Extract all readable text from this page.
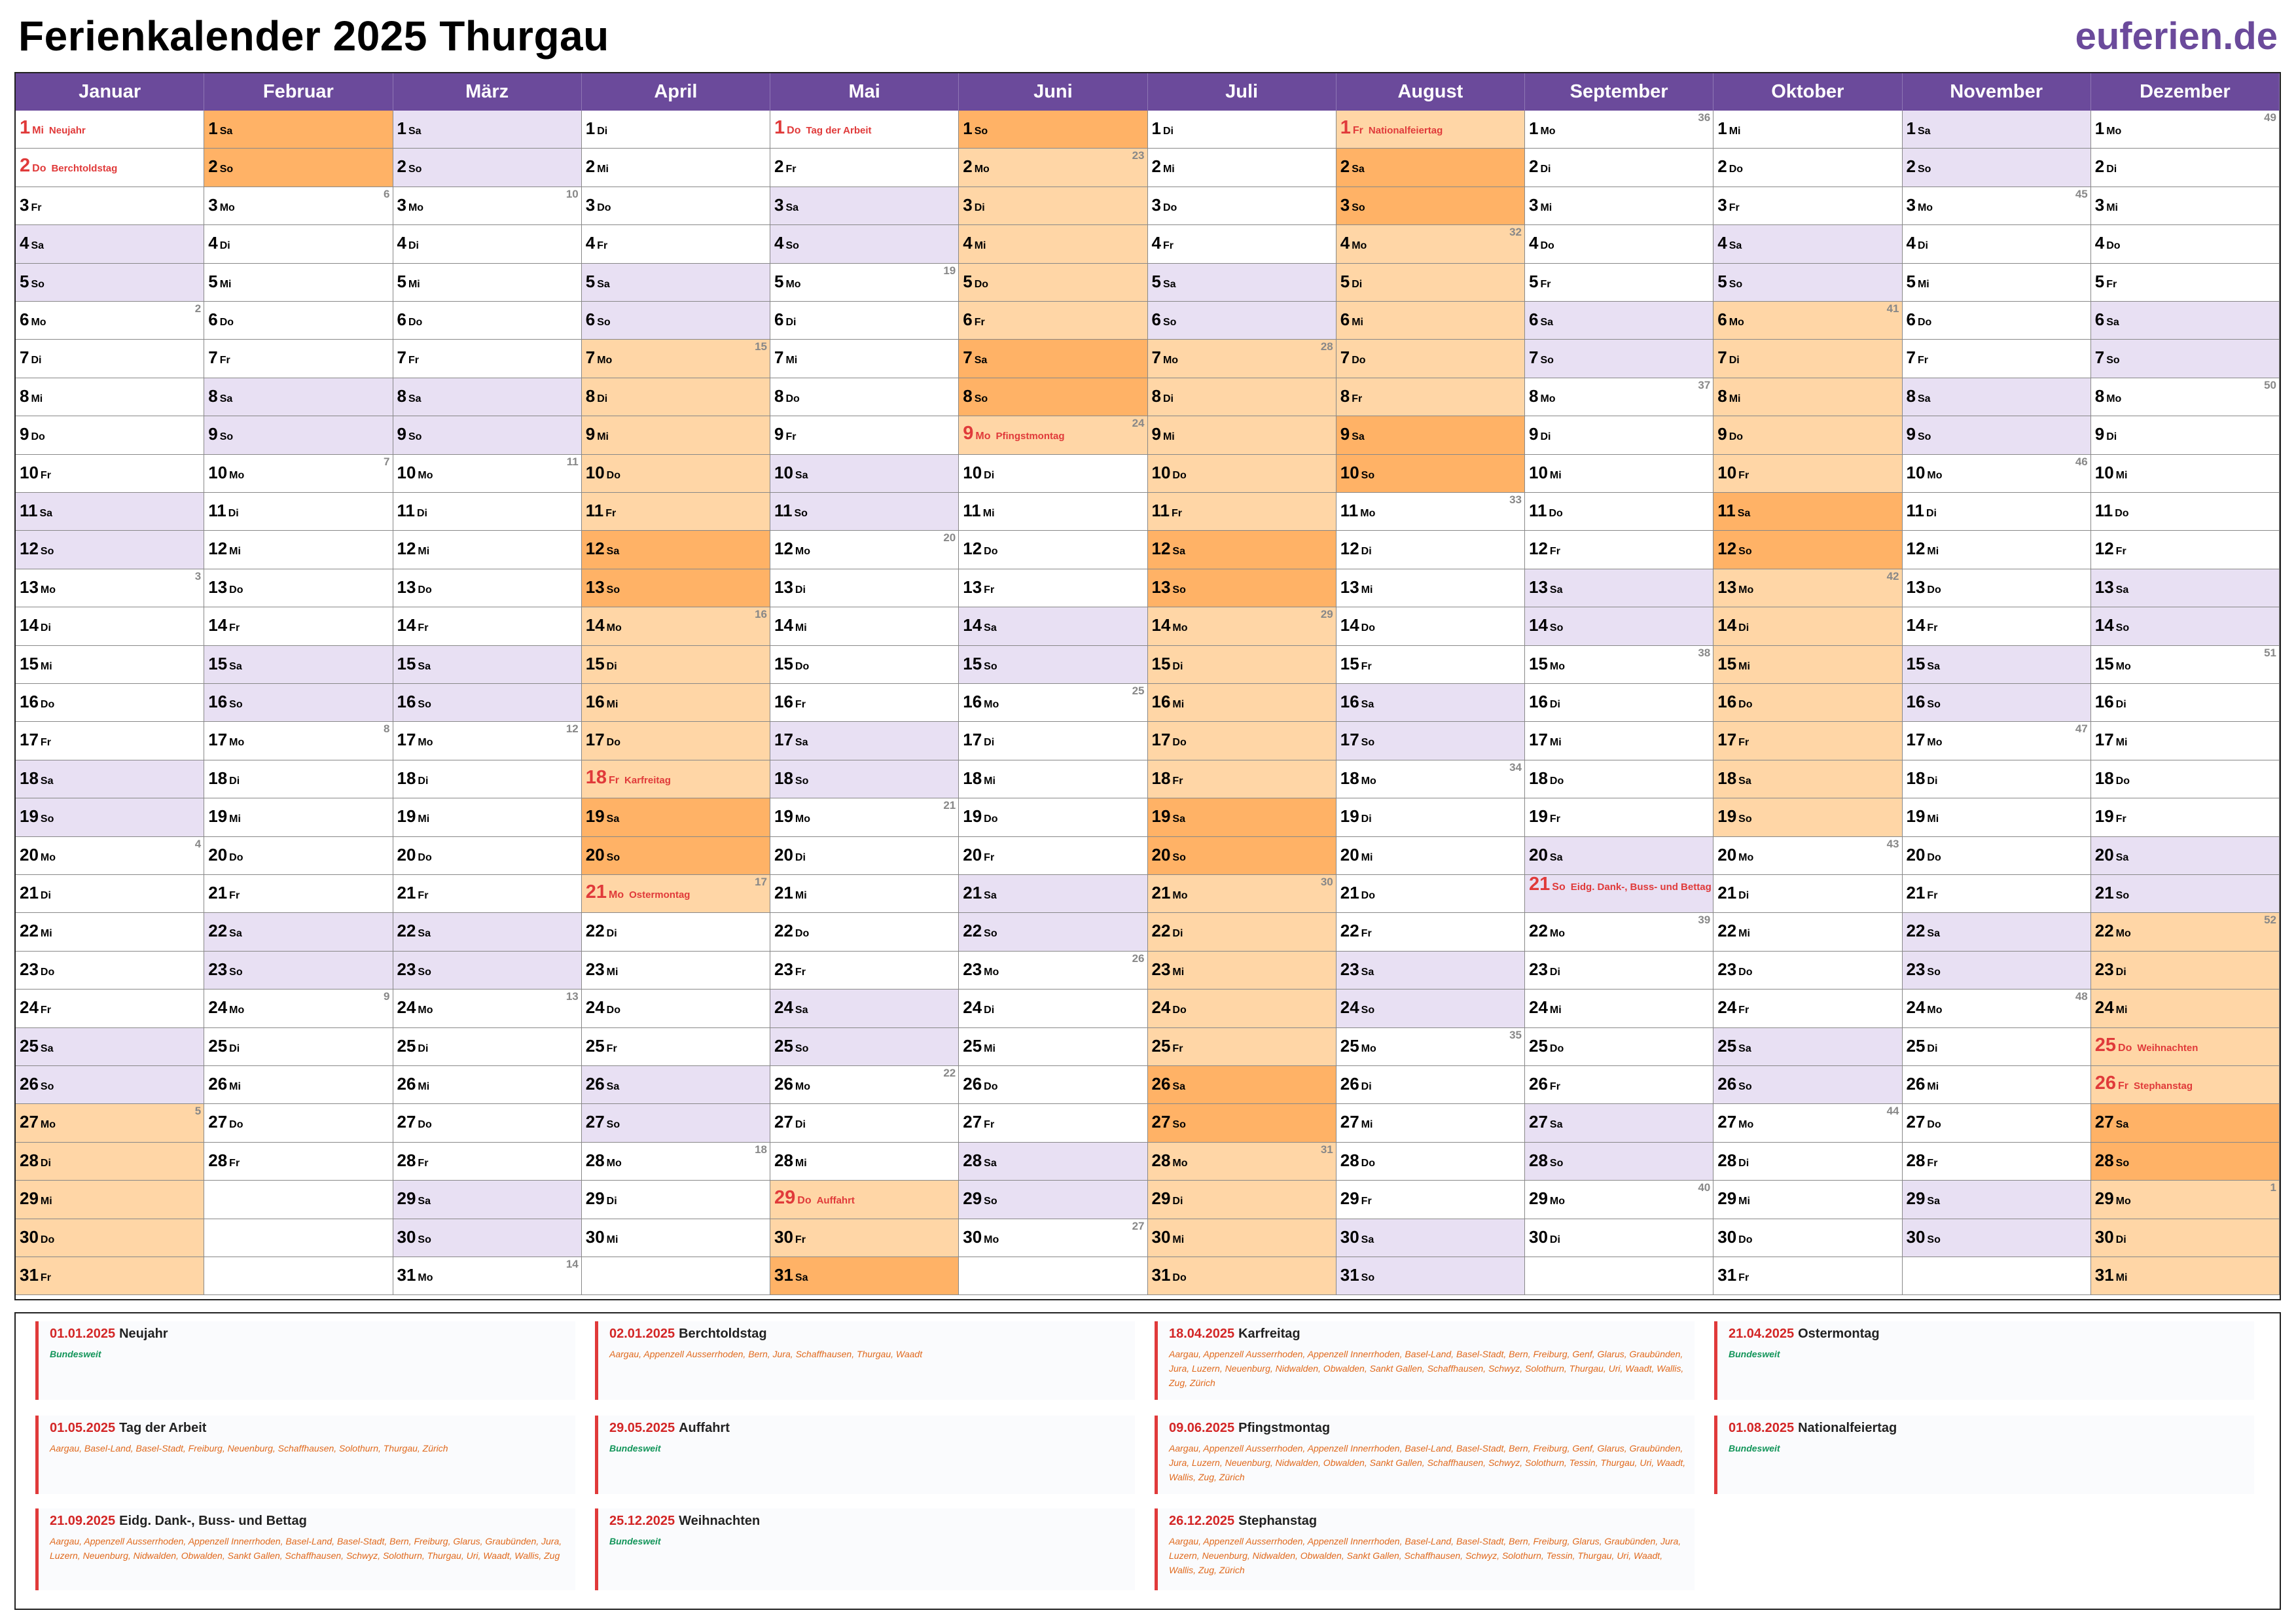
Ferienkalender 2025 Thurgau	euferien.de
Januar
1 Mi Neujahr
2 Do Berchtoldstag
3 Fr
4 Sa
5 So
6 Mo
2
7 Di
8 Mi
9 Do
10 Fr
11 Sa
12 So
13 Mo
3
14 Di
15 Mi
16 Do
17 Fr
18 Sa
19 So
20 Mo
4
21 Di
22 Mi
23 Do
24 Fr
25 Sa
26 So
27 Mo
5
28 Di
29 Mi
30 Do
31 Fr
Februar
1 Sa
2 So
3 Mo
6
4 Di
5 Mi
6 Do
7 Fr
8 Sa
9 So
10 Mo
7
11 Di
12 Mi
13 Do
14 Fr
15 Sa
16 So
17 Mo
8
18 Di
19 Mi
20 Do
21 Fr
22 Sa
23 So
24 Mo
9
25 Di
26 Mi
27 Do
28 Fr
März
1 Sa
2 So
3 Mo
10
4 Di
5 Mi
6 Do
7 Fr
8 Sa
9 So
10 Mo
11
11 Di
12 Mi
13 Do
14 Fr
15 Sa
16 So
17 Mo
12
18 Di
19 Mi
20 Do
21 Fr
22 Sa
23 So
24 Mo
13
25 Di
26 Mi
27 Do
28 Fr
29 Sa
30 So
31 Mo
14
April
1 Di
2 Mi
3 Do
4 Fr
5 Sa
6 So
7 Mo
15
8 Di
9 Mi
10 Do
11 Fr
12 Sa
13 So
14 Mo
16
15 Di
16 Mi
17 Do
18 Fr Karfreitag
19 Sa
20 So
21 Mo Ostermontag
17
22 Di
23 Mi
24 Do
25 Fr
26 Sa
27 So
28 Mo
18
29 Di
30 Mi
Mai
1 Do Tag der Arbeit
2 Fr
3 Sa
4 So
5 Mo
19
6 Di
7 Mi
8 Do
9 Fr
10 Sa
11 So
12 Mo
20
13 Di
14 Mi
15 Do
16 Fr
17 Sa
18 So
19 Mo
21
20 Di
21 Mi
22 Do
23 Fr
24 Sa
25 So
26 Mo
22
27 Di
28 Mi
29 Do Auffahrt
30 Fr
31 Sa
Juni
1 So
2 Mo
23
3 Di
4 Mi
5 Do
6 Fr
7 Sa
8 So
9 Mo Pfingstmontag
24
10 Di
11 Mi
12 Do
13 Fr
14 Sa
15 So
16 Mo
25
17 Di
18 Mi
19 Do
20 Fr
21 Sa
22 So
23 Mo
26
24 Di
25 Mi
26 Do
27 Fr
28 Sa
29 So
30 Mo
27
Juli
1 Di
2 Mi
3 Do
4 Fr
5 Sa
6 So
7 Mo
28
8 Di
9 Mi
10 Do
11 Fr
12 Sa
13 So
14 Mo
29
15 Di
16 Mi
17 Do
18 Fr
19 Sa
20 So
21 Mo
30
22 Di
23 Mi
24 Do
25 Fr
26 Sa
27 So
28 Mo
31
29 Di
30 Mi
31 Do
August
1 Fr Nationalfeiertag
2 Sa
3 So
4 Mo
32
5 Di
6 Mi
7 Do
8 Fr
9 Sa
10 So
11 Mo
33
12 Di
13 Mi
14 Do
15 Fr
16 Sa
17 So
18 Mo
34
19 Di
20 Mi
21 Do
22 Fr
23 Sa
24 So
25 Mo
35
26 Di
27 Mi
28 Do
29 Fr
30 Sa
31 So
September
1 Mo
36
2 Di
3 Mi
4 Do
5 Fr
6 Sa
7 So
8 Mo
37
9 Di
10 Mi
11 Do
12 Fr
13 Sa
14 So
15 Mo
38
16 Di
17 Mi
18 Do
19 Fr
20 Sa
21 So Eidg. Dank-, Buss- und Bettag
22 Mo
39
23 Di
24 Mi
25 Do
26 Fr
27 Sa
28 So
29 Mo
40
30 Di
Oktober
1 Mi
2 Do
3 Fr
4 Sa
5 So
6 Mo
41
7 Di
8 Mi
9 Do
10 Fr
11 Sa
12 So
13 Mo
42
14 Di
15 Mi
16 Do
17 Fr
18 Sa
19 So
20 Mo
43
21 Di
22 Mi
23 Do
24 Fr
25 Sa
26 So
27 Mo
44
28 Di
29 Mi
30 Do
31 Fr
November
1 Sa
2 So
3 Mo
45
4 Di
5 Mi
6 Do
7 Fr
8 Sa
9 So
10 Mo
46
11 Di
12 Mi
13 Do
14 Fr
15 Sa
16 So
17 Mo
47
18 Di
19 Mi
20 Do
21 Fr
22 Sa
23 So
24 Mo
48
25 Di
26 Mi
27 Do
28 Fr
29 Sa
30 So
Dezember
1 Mo
49
2 Di
3 Mi
4 Do
5 Fr
6 Sa
7 So
8 Mo
50
9 Di
10 Mi
11 Do
12 Fr
13 Sa
14 So
15 Mo
51
16 Di
17 Mi
18 Do
19 Fr
20 Sa
21 So
22 Mo
52
23 Di
24 Mi
25 Do Weihnachten
26 Fr Stephanstag
27 Sa
28 So
29 Mo
1
30 Di
31 Mi
01.01.2025 Neujahr
Bundesweit
02.01.2025 Berchtoldstag
Aargau, Appenzell Ausserrhoden, Bern, Jura, Schaffhausen, Thurgau, Waadt
18.04.2025 Karfreitag
Aargau, Appenzell Ausserrhoden, Appenzell Innerrhoden, Basel-Land, Basel-Stadt, Bern, Freiburg, Genf, Glarus, Graubünden, Jura, Luzern, Neuenburg, Nidwalden, Obwalden, Sankt Gallen, Schaffhausen, Schwyz, Solothurn, Thurgau, Uri, Waadt, Wallis, Zug, Zürich
21.04.2025 Ostermontag
Bundesweit
01.05.2025 Tag der Arbeit
Aargau, Basel-Land, Basel-Stadt, Freiburg, Neuenburg, Schaffhausen, Solothurn, Thurgau, Zürich
29.05.2025 Auffahrt
Bundesweit
09.06.2025 Pfingstmontag
Aargau, Appenzell Ausserrhoden, Appenzell Innerrhoden, Basel-Land, Basel-Stadt, Bern, Freiburg, Genf, Glarus, Graubünden, Jura, Luzern, Neuenburg, Nidwalden, Obwalden, Sankt Gallen, Schaffhausen, Schwyz, Solothurn, Tessin, Thurgau, Uri, Waadt, Wallis, Zug, Zürich
01.08.2025 Nationalfeiertag
Bundesweit
21.09.2025 Eidg. Dank-, Buss- und Bettag
Aargau, Appenzell Ausserrhoden, Appenzell Innerrhoden, Basel-Land, Basel-Stadt, Bern, Freiburg, Glarus, Graubünden, Jura, Luzern, Neuenburg, Nidwalden, Obwalden, Sankt Gallen, Schaffhausen, Schwyz, Solothurn, Thurgau, Uri, Waadt, Wallis, Zug
25.12.2025 Weihnachten
Bundesweit
26.12.2025 Stephanstag
Aargau, Appenzell Ausserrhoden, Appenzell Innerrhoden, Basel-Land, Basel-Stadt, Bern, Freiburg, Glarus, Graubünden, Jura, Luzern, Neuenburg, Nidwalden, Obwalden, Sankt Gallen, Schaffhausen, Schwyz, Solothurn, Tessin, Thurgau, Uri, Waadt, Wallis, Zug, Zürich
